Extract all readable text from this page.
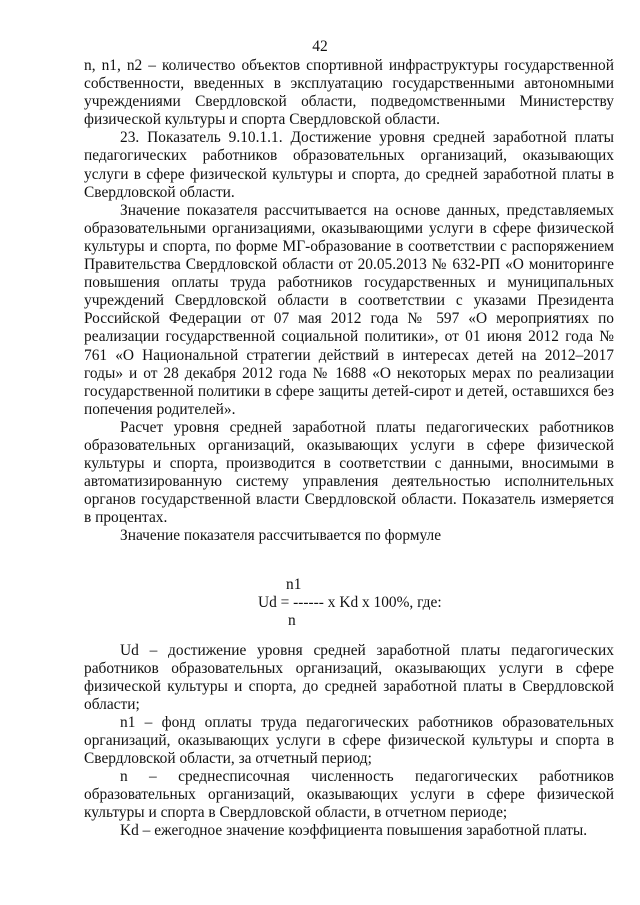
42

n, n1, n2 – количество объектов спортивной инфраструктуры государственной собственности, введенных в эксплуатацию государственными автономными учреждениями Свердловской области, подведомственными Министерству физической культуры и спорта Свердловской области.

23. Показатель 9.10.1.1. Достижение уровня средней заработной платы педагогических работников образовательных организаций, оказывающих услуги в сфере физической культуры и спорта, до средней заработной платы в Свердловской области.

Значение показателя рассчитывается на основе данных, представляемых образовательными организациями, оказывающими услуги в сфере физической культуры и спорта, по форме МГ-образование в соответствии с распоряжением Правительства Свердловской области от 20.05.2013 № 632-РП «О мониторинге повышения оплаты труда работников государственных и муниципальных учреждений Свердловской области в соответствии с указами Президента Российской Федерации от 07 мая 2012 года № 597 «О мероприятиях по реализации государственной социальной политики», от 01 июня 2012 года № 761 «О Национальной стратегии действий в интересах детей на 2012–2017 годы» и от 28 декабря 2012 года № 1688 «О некоторых мерах по реализации государственной политики в сфере защиты детей-сирот и детей, оставшихся без попечения родителей».

Расчет уровня средней заработной платы педагогических работников образовательных организаций, оказывающих услуги в сфере физической культуры и спорта, производится в соответствии с данными, вносимыми в автоматизированную систему управления деятельностью исполнительных органов государственной власти Свердловской области. Показатель измеряется в процентах.

Значение показателя рассчитывается по формуле

n1
Ud = ------ x Kd x 100%, где:
n

Ud – достижение уровня средней заработной платы педагогических работников образовательных организаций, оказывающих услуги в сфере физической культуры и спорта, до средней заработной платы в Свердловской области;

n1 – фонд оплаты труда педагогических работников образовательных организаций, оказывающих услуги в сфере физической культуры и спорта в Свердловской области, за отчетный период;

n – среднесписочная численность педагогических работников образовательных организаций, оказывающих услуги в сфере физической культуры и спорта в Свердловской области, в отчетном периоде;

Kd – ежегодное значение коэффициента повышения заработной платы.
